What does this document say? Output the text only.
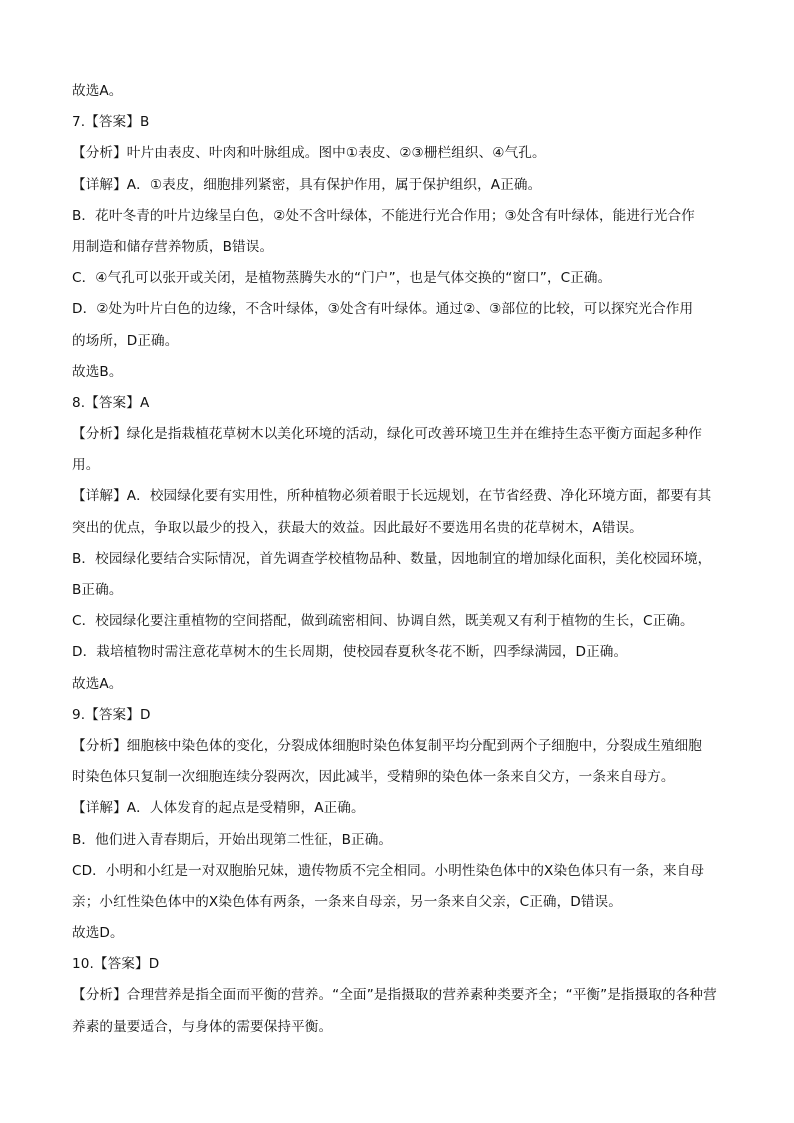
故选A。
7.【答案】B
【分析】叶片由表皮、叶肉和叶脉组成。图中①表皮、②③栅栏组织、④气孔。
【详解】A．①表皮，细胞排列紧密，具有保护作用，属于保护组织，A正确。
B．花叶冬青的叶片边缘呈白色，②处不含叶绿体，不能进行光合作用；③处含有叶绿体，能进行光合作
用制造和储存营养物质，B错误。
C．④气孔可以张开或关闭，是植物蒸腾失水的“门户”，也是气体交换的“窗口”，C正确。
D．②处为叶片白色的边缘，不含叶绿体，③处含有叶绿体。通过②、③部位的比较，可以探究光合作用
的场所，D正确。
故选B。
8.【答案】A
【分析】绿化是指栽植花草树木以美化环境的活动，绿化可改善环境卫生并在维持生态平衡方面起多种作
用。
【详解】A．校园绿化要有实用性，所种植物必须着眼于长远规划，在节省经费、净化环境方面，都要有其
突出的优点，争取以最少的投入，获最大的效益。因此最好不要选用名贵的花草树木，A错误。
B．校园绿化要结合实际情况，首先调查学校植物品种、数量，因地制宜的增加绿化面积，美化校园环境，
B正确。
C．校园绿化要注重植物的空间搭配，做到疏密相间、协调自然，既美观又有利于植物的生长，C正确。
D．栽培植物时需注意花草树木的生长周期，使校园春夏秋冬花不断，四季绿满园，D正确。
故选A。
9.【答案】D
【分析】细胞核中染色体的变化，分裂成体细胞时染色体复制平均分配到两个子细胞中，分裂成生殖细胞
时染色体只复制一次细胞连续分裂两次，因此减半，受精卵的染色体一条来自父方，一条来自母方。
【详解】A．人体发育的起点是受精卵，A正确。
B．他们进入青春期后，开始出现第二性征，B正确。
CD．小明和小红是一对双胞胎兄妹，遗传物质不完全相同。小明性染色体中的X染色体只有一条，来自母
亲；小红性染色体中的X染色体有两条，一条来自母亲，另一条来自父亲，C正确，D错误。
故选D。
10.【答案】D
【分析】合理营养是指全面而平衡的营养。“全面”是指摄取的营养素种类要齐全；“平衡”是指摄取的各种营
养素的量要适合，与身体的需要保持平衡。
